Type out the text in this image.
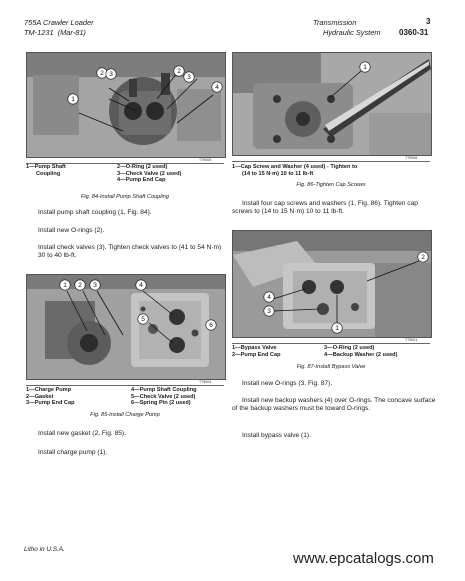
755A Crawler Loader
TM-1231 (Mar-81)
Transmission
Hydraulic System
3
0360-31
2 3	2
3
4
1
T79005
1—Pump Shaft
Coupling
2—O-Ring (2 used)
3—Check Valve (2 used)
4—Pump End Cap
Fig. 84-Install Pump Shaft Coupling
Install pump shaft coupling (1, Fig. 84).
Install new O-rings (2).
Install check valves (3). Tighten check valves to (41 to 54 N·m) 30 to 40 lb-ft.
1 2 3	4
5
6
T79004
1—Charge Pump
2—Gasket
3—Pump End Cap
4—Pump Shaft Coupling
5—Check Valve (2 used)
6—Spring Pin (2 used)
Fig. 85-Install Charge Pump
Install new gasket (2, Fig. 85).
Install charge pump (1).
1
T79006
1—Cap Screw and Washer (4 used) - Tighten to
(14 to 15 N·m) 10 to 11 lb-ft
Fig. 86-Tighten Cap Screws
Install four cap screws and washers (1, Fig. 86). Tighten cap screws to (14 to 15 N·m) 10 to 11 lb-ft.
2
4
3
1
T79001
1—Bypass Valve
2—Pump End Cap
3—O-Ring (2 used)
4—Backup Washer (2 used)
Fig. 87-Install Bypass Valve
Install new O-rings (3, Fig. 87).
Install new backup washers (4) over O-rings. The concave surface of the backup washers must be toward O-rings.
Install bypass valve (1).
Litho in U.S.A.
www.epcatalogs.com
